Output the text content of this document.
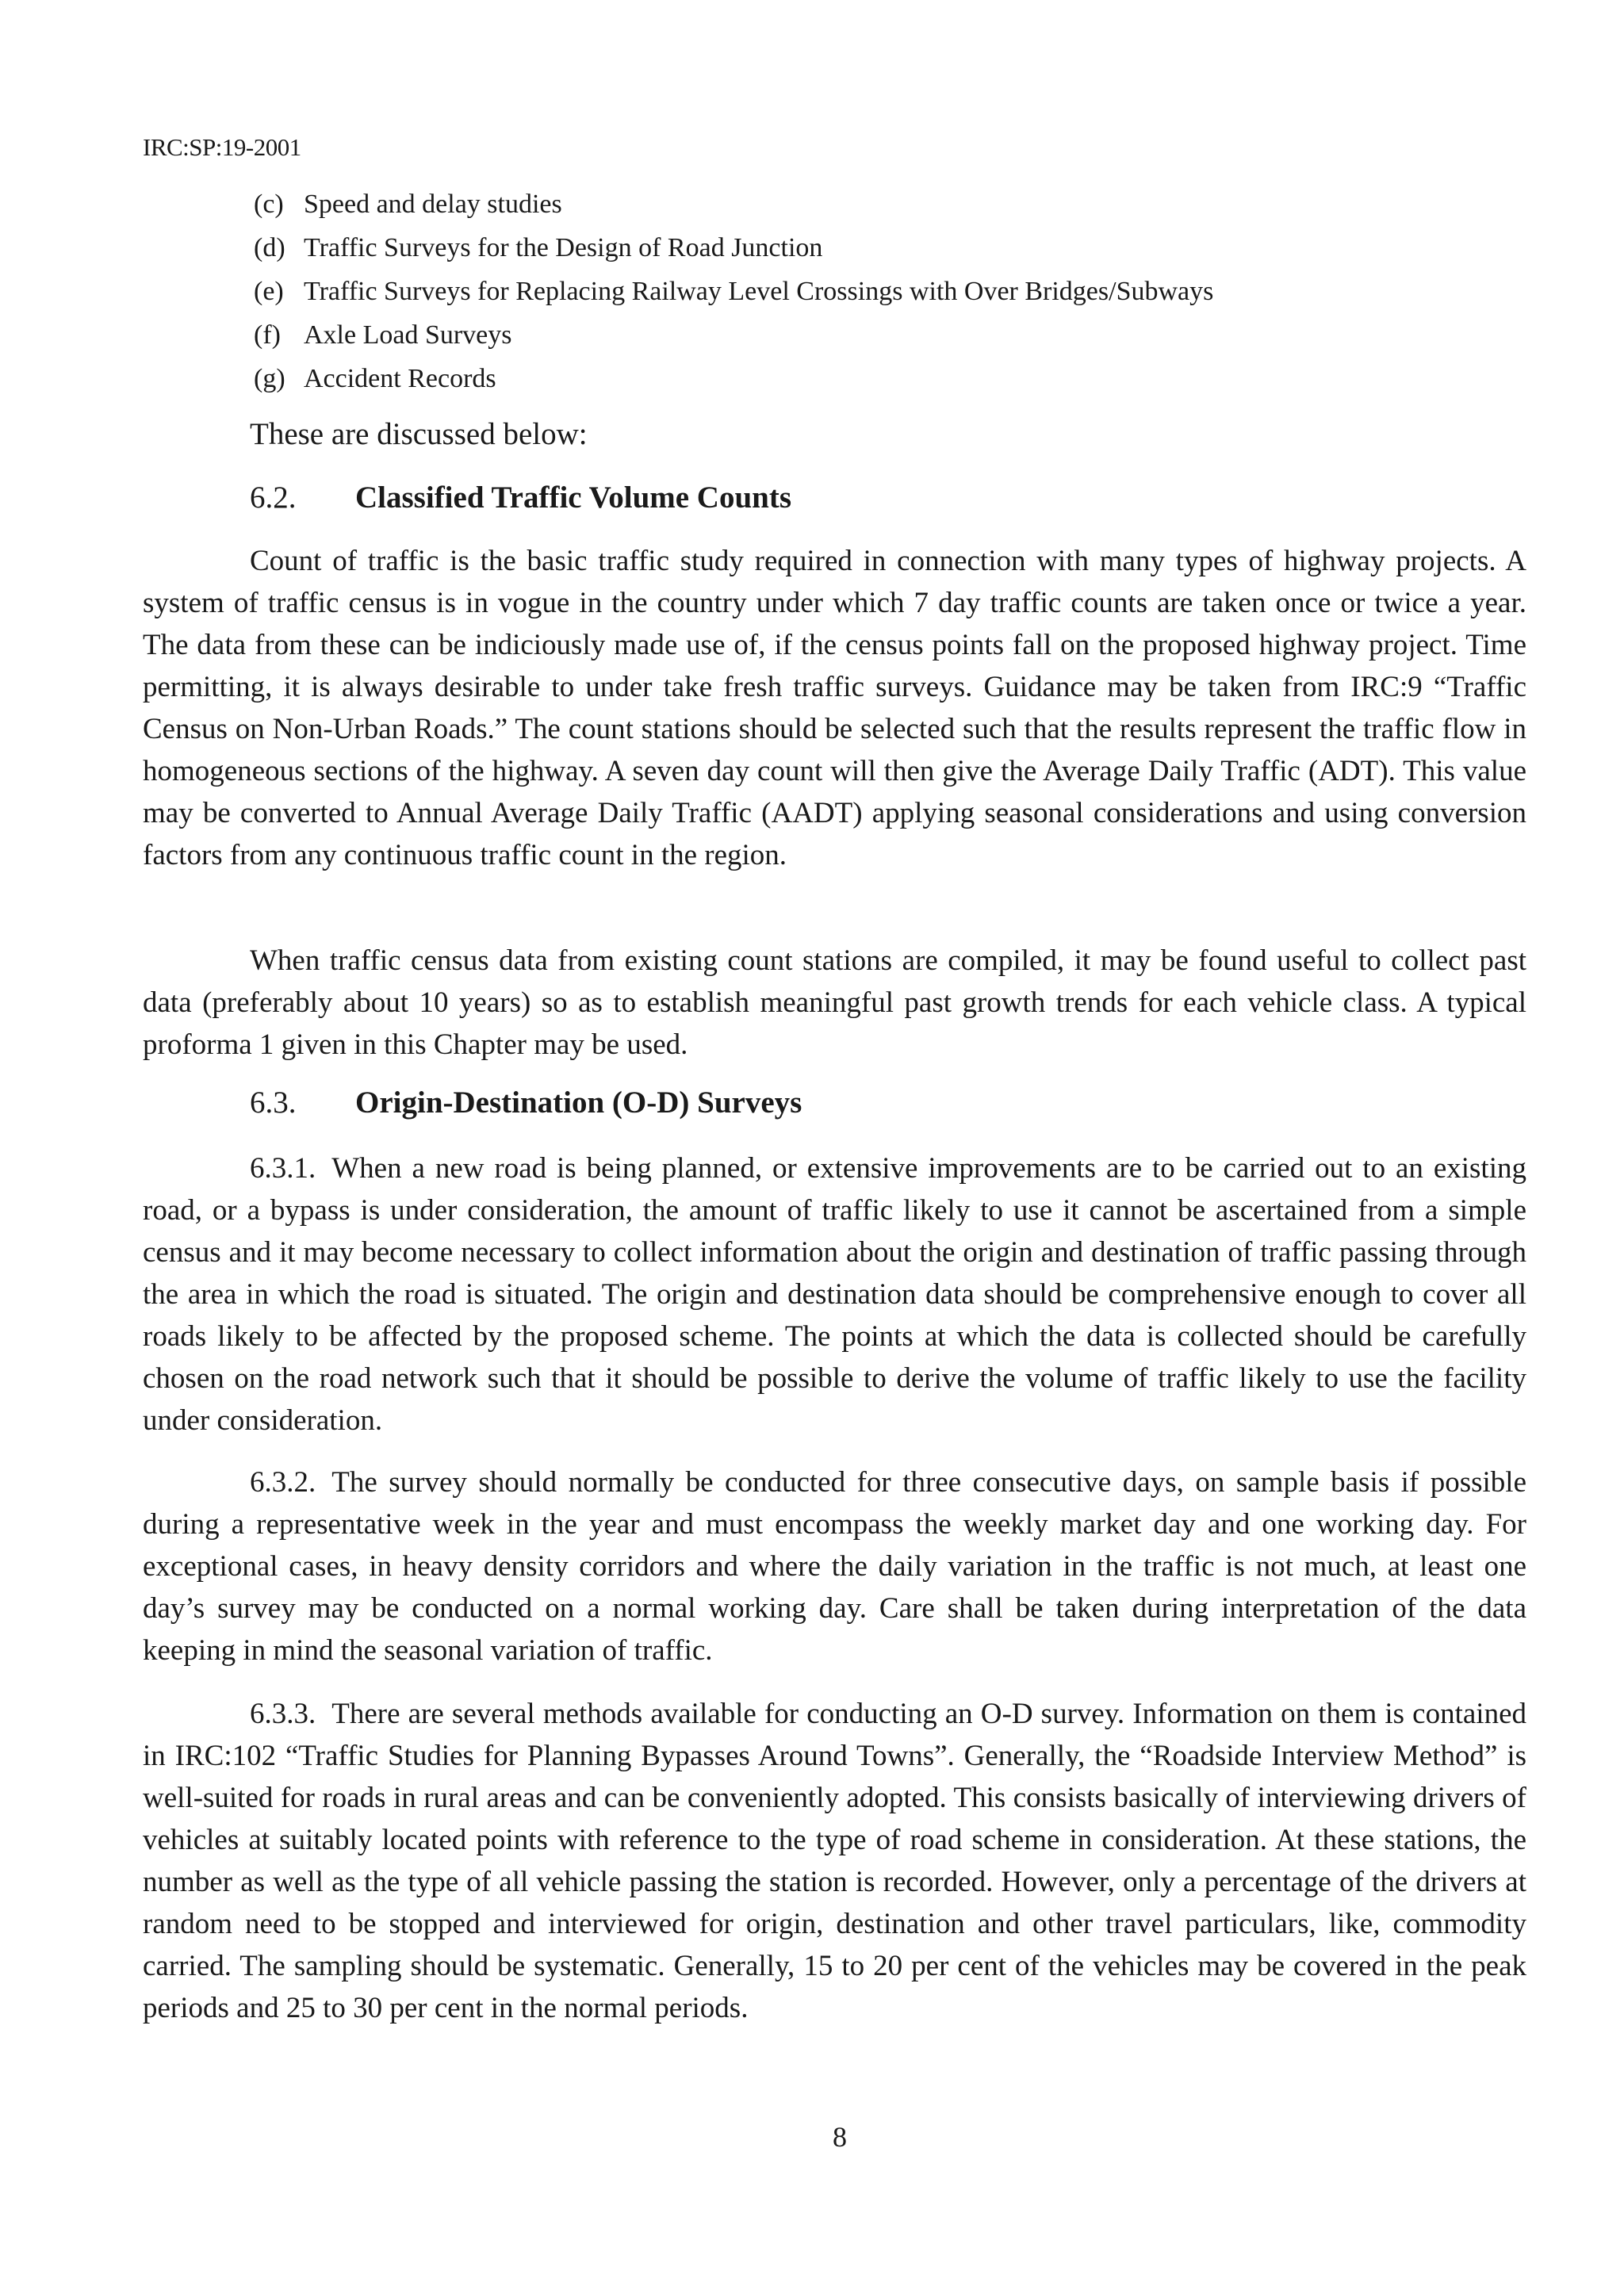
IRC:SP:19-2001
(c) Speed and delay studies
(d) Traffic Surveys for the Design of Road Junction
(e) Traffic Surveys for Replacing Railway Level Crossings with Over Bridges/Subways
(f) Axle Load Surveys
(g) Accident Records
These are discussed below:
6.2. Classified Traffic Volume Counts

Count of traffic is the basic traffic study required in connection with many types of highway projects. A system of traffic census is in vogue in the country under which 7 day traffic counts are taken once or twice a year. The data from these can be indiciously made use of, if the census points fall on the proposed highway project. Time permitting, it is always desirable to under take fresh traffic surveys. Guidance may be taken from IRC:9 “Traffic Census on Non-Urban Roads.” The count stations should be selected such that the results represent the traffic flow in homogeneous sections of the highway. A seven day count will then give the Average Daily Traffic (ADT). This value may be converted to Annual Average Daily Traffic (AADT) applying seasonal considerations and using conversion factors from any continuous traffic count in the region.

When traffic census data from existing count stations are compiled, it may be found useful to collect past data (preferably about 10 years) so as to establish meaningful past growth trends for each vehicle class. A typical proforma 1 given in this Chapter may be used.

6.3. Origin-Destination (O-D) Surveys

6.3.1. When a new road is being planned, or extensive improvements are to be carried out to an existing road, or a bypass is under consideration, the amount of traffic likely to use it cannot be ascertained from a simple census and it may become necessary to collect information about the origin and destination of traffic passing through the area in which the road is situated. The origin and destination data should be comprehensive enough to cover all roads likely to be affected by the proposed scheme. The points at which the data is collected should be carefully chosen on the road network such that it should be possible to derive the volume of traffic likely to use the facility under consideration.

6.3.2. The survey should normally be conducted for three consecutive days, on sample basis if possible during a representative week in the year and must encompass the weekly market day and one working day. For exceptional cases, in heavy density corridors and where the daily variation in the traffic is not much, at least one day’s survey may be conducted on a normal working day. Care shall be taken during interpretation of the data keeping in mind the seasonal variation of traffic.

6.3.3. There are several methods available for conducting an O-D survey. Information on them is contained in IRC:102 “Traffic Studies for Planning Bypasses Around Towns”. Generally, the “Roadside Interview Method” is well-suited for roads in rural areas and can be conveniently adopted. This consists basically of interviewing drivers of vehicles at suitably located points with reference to the type of road scheme in consideration. At these stations, the number as well as the type of all vehicle passing the station is recorded. However, only a percentage of the drivers at random need to be stopped and interviewed for origin, destination and other travel particulars, like, commodity carried. The sampling should be systematic. Generally, 15 to 20 per cent of the vehicles may be covered in the peak periods and 25 to 30 per cent in the normal periods.

8
